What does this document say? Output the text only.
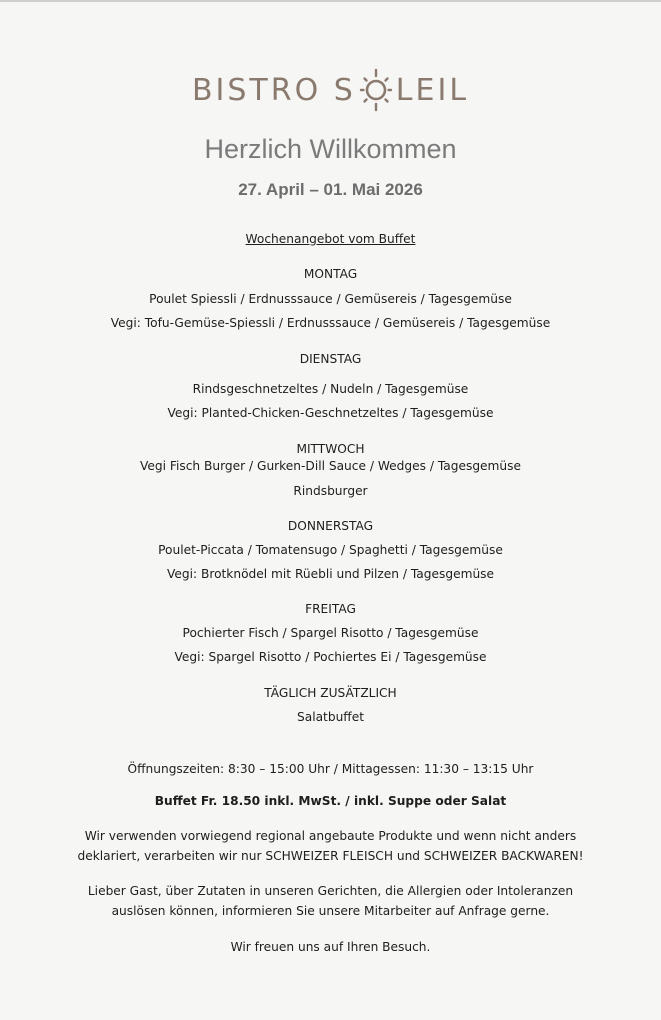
BISTRO S LEIL
Herzlich Willkommen
27. April – 01. Mai 2026
Wochenangebot vom Buffet
MONTAG
Poulet Spiessli / Erdnusssauce / Gemüsereis / Tagesgemüse
Vegi: Tofu-Gemüse-Spiessli / Erdnusssauce / Gemüsereis / Tagesgemüse
DIENSTAG
Rindsgeschnetzeltes / Nudeln / Tagesgemüse
Vegi: Planted-Chicken-Geschnetzeltes / Tagesgemüse
MITTWOCH
Vegi Fisch Burger / Gurken-Dill Sauce / Wedges / Tagesgemüse
Rindsburger
DONNERSTAG
Poulet-Piccata / Tomatensugo / Spaghetti / Tagesgemüse
Vegi: Brotknödel mit Rüebli und Pilzen / Tagesgemüse
FREITAG
Pochierter Fisch / Spargel Risotto / Tagesgemüse
Vegi: Spargel Risotto / Pochiertes Ei / Tagesgemüse
TÄGLICH ZUSÄTZLICH
Salatbuffet
Öffnungszeiten: 8:30 – 15:00 Uhr / Mittagessen: 11:30 – 13:15 Uhr
Buffet Fr. 18.50 inkl. MwSt. / inkl. Suppe oder Salat
Wir verwenden vorwiegend regional angebaute Produkte und wenn nicht anders
deklariert, verarbeiten wir nur SCHWEIZER FLEISCH und SCHWEIZER BACKWAREN!
Lieber Gast, über Zutaten in unseren Gerichten, die Allergien oder Intoleranzen
auslösen können, informieren Sie unsere Mitarbeiter auf Anfrage gerne.
Wir freuen uns auf Ihren Besuch.
